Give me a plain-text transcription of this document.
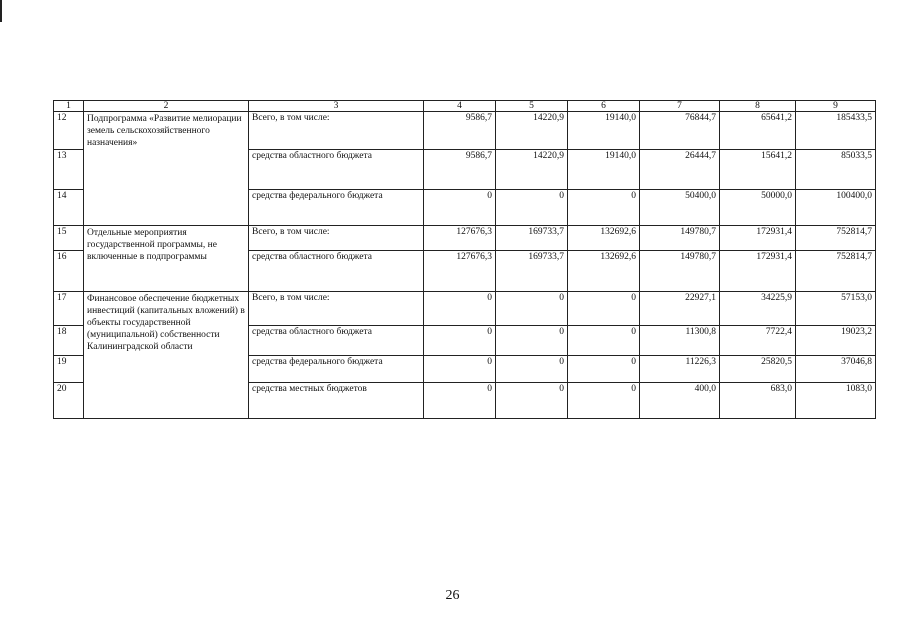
1	2	3	4	5	6	7	8	9
12	Подпрограмма «Развитие мелиорации земель сельскохозяйственного назначения»	Всего, в том числе:	9586,7	14220,9	19140,0	76844,7	65641,2	185433,5
13		средства областного бюджета	9586,7	14220,9	19140,0	26444,7	15641,2	85033,5
14		средства федерального бюджета	0	0	0	50400,0	50000,0	100400,0
15	Отдельные мероприятия государственной программы, не включенные в подпрограммы	Всего, в том числе:	127676,3	169733,7	132692,6	149780,7	172931,4	752814,7
16		средства областного бюджета	127676,3	169733,7	132692,6	149780,7	172931,4	752814,7
17	Финансовое обеспечение бюджетных инвестиций (капитальных вложений) в объекты государственной (муниципальной) собственности Калининградской области	Всего, в том числе:	0	0	0	22927,1	34225,9	57153,0
18		средства областного бюджета	0	0	0	11300,8	7722,4	19023,2
19		средства федерального бюджета	0	0	0	11226,3	25820,5	37046,8
20		средства местных бюджетов	0	0	0	400,0	683,0	1083,0
26
